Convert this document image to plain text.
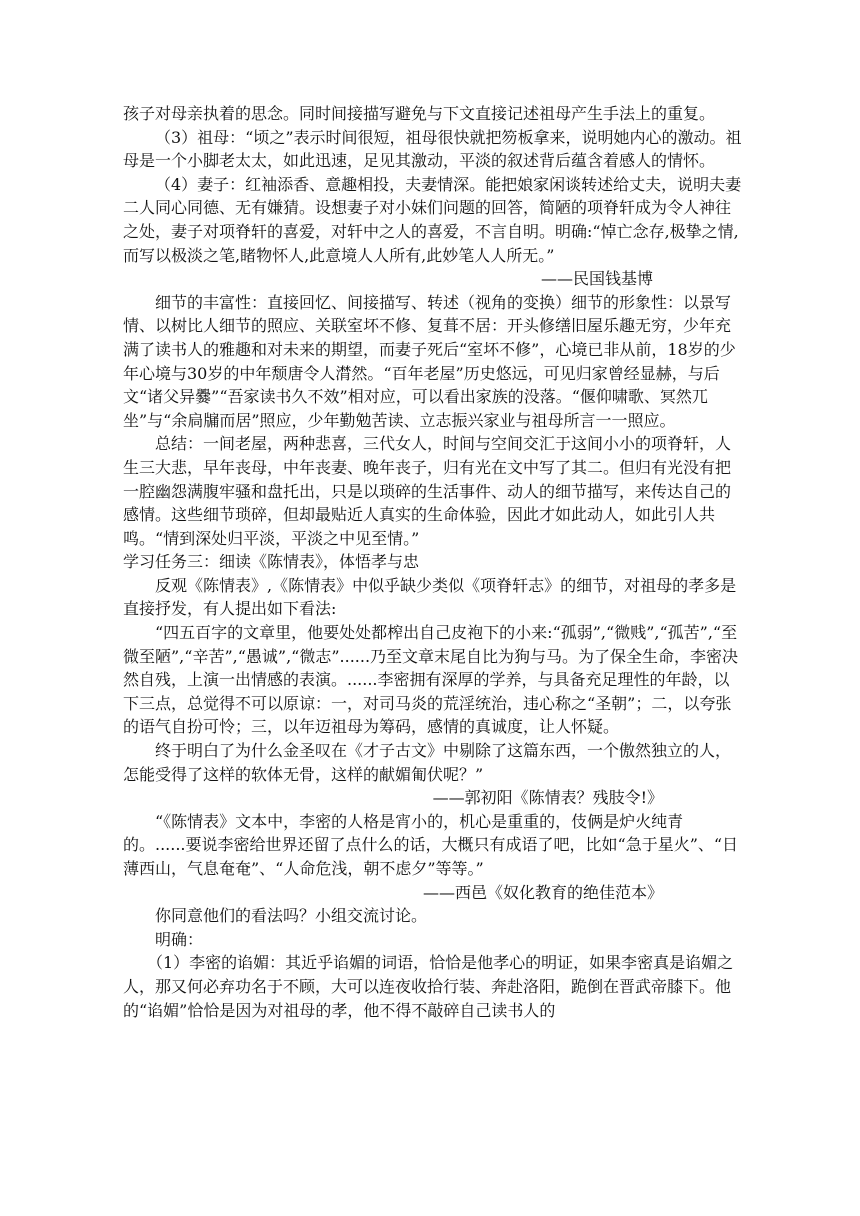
孩子对母亲执着的思念。同时间接描写避免与下文直接记述祖母产生手法上的重复。

（3）祖母：“顷之”表示时间很短，祖母很快就把笏板拿来，说明她内心的激动。祖母是一个小脚老太太，如此迅速，足见其激动，平淡的叙述背后蕴含着感人的情怀。

（4）妻子：红袖添香、意趣相投，夫妻情深。能把娘家闲谈转述给丈夫，说明夫妻二人同心同德、无有嫌猜。设想妻子对小妹们问题的回答，简陋的项脊轩成为令人神往之处，妻子对项脊轩的喜爱，对轩中之人的喜爱，不言自明。明确:“悼亡念存,极挚之情,而写以极淡之笔,睹物怀人,此意境人人所有,此妙笔人人所无。”

——民国钱基博

细节的丰富性：直接回忆、间接描写、转述（视角的变换）细节的形象性：以景写情、以树比人细节的照应、关联室坏不修、复葺不居：开头修缮旧屋乐趣无穷，少年充满了读书人的雅趣和对未来的期望，而妻子死后“室坏不修”，心境已非从前，18岁的少年心境与30岁的中年颓唐令人潸然。“百年老屋”历史悠远，可见归家曾经显赫，与后文“诸父异爨”“吾家读书久不效”相对应，可以看出家族的没落。“偃仰啸歌、冥然兀坐”与“余扃牖而居”照应，少年勤勉苦读、立志振兴家业与祖母所言一一照应。

总结：一间老屋，两种悲喜，三代女人，时间与空间交汇于这间小小的项脊轩，人生三大悲，早年丧母，中年丧妻、晚年丧子，归有光在文中写了其二。但归有光没有把一腔幽怨满腹牢骚和盘托出，只是以琐碎的生活事件、动人的细节描写，来传达自己的感情。这些细节琐碎，但却最贴近人真实的生命体验，因此才如此动人，如此引人共鸣。“情到深处归平淡，平淡之中见至情。”

学习任务三：细读《陈情表》，体悟孝与忠

反观《陈情表》,《陈情表》中似乎缺少类似《项脊轩志》的细节，对祖母的孝多是直接抒发，有人提出如下看法:

“四五百字的文章里，他要处处都榨出自己皮袍下的小来:“孤弱”,“微贱”,“孤苦”,“至微至陋”,“辛苦”,“愚诚”,“微志”......乃至文章末尾自比为狗与马。为了保全生命，李密决然自残，上演一出情感的表演。......李密拥有深厚的学养，与具备充足理性的年龄，以下三点，总觉得不可以原谅：一，对司马炎的荒淫统治，违心称之“圣朝”；二，以夸张的语气自扮可怜；三，以年迈祖母为筹码，感情的真诚度，让人怀疑。

终于明白了为什么金圣叹在《才子古文》中剔除了这篇东西，一个傲然独立的人，怎能受得了这样的软体无骨，这样的献媚匍伏呢？”

——郭初阳《陈情表？残肢令!》

“《陈情表》文本中，李密的人格是宵小的，机心是重重的，伎俩是炉火纯青的。......要说李密给世界还留了点什么的话，大概只有成语了吧，比如“急于星火”、“日薄西山，气息奄奄”、“人命危浅，朝不虑夕”等等。”

——西邑《奴化教育的绝佳范本》

你同意他们的看法吗？小组交流讨论。

明确：

（1）李密的谄媚：其近乎谄媚的词语，恰恰是他孝心的明证，如果李密真是谄媚之人，那又何必弃功名于不顾，大可以连夜收拾行装、奔赴洛阳，跪倒在晋武帝膝下。他的“谄媚”恰恰是因为对祖母的孝，他不得不敲碎自己读书人的
